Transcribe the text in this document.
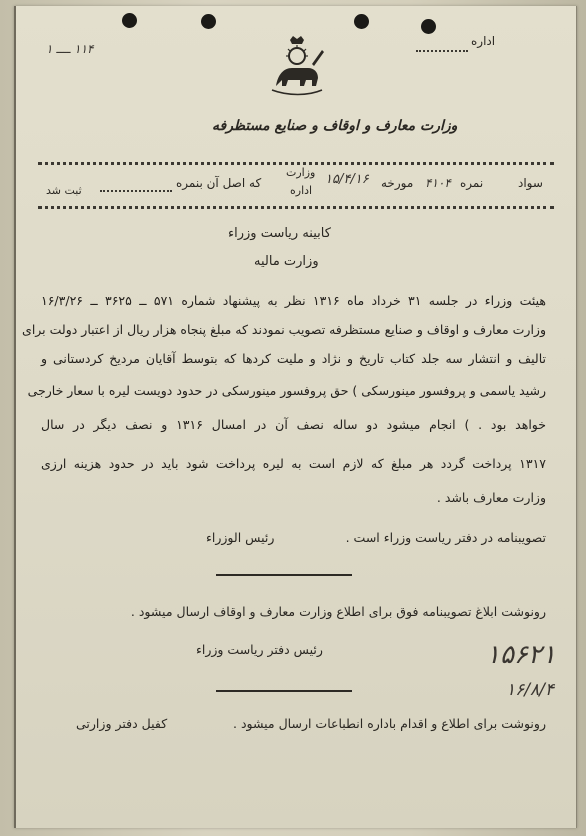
اداره
۱۱۴ ــــ ۱
وزارت معارف و اوقاف و صنایع مستظرفه
سواد
نمره
۴۱۰۴
مورخه
۱۵/۴/۱۶
وزارت
اداره
که اصل آن بنمره
ثبت شد
کابینه ریاست وزراء
وزارت مالیه
هیئت وزراء در جلسه ۳۱ خرداد ماه ۱۳۱۶ نظر به پیشنهاد شماره ۵۷۱ ــ ۳۶۲۵ ــ ۱۶/۳/۲۶
وزارت معارف و اوقاف و صنایع مستظرفه تصویب نمودند که مبلغ پنجاه هزار ریال از اعتبار دولت برای
تالیف و انتشار سه جلد کتاب تاریخ و نژاد و ملیت کردها که بتوسط آقایان مردیخ کردستانی و
رشید یاسمی و پروفسور مینورسکی ) حق پروفسور مینورسکی در حدود دویست لیره با سعار خارجی
خواهد بود . ) انجام میشود دو ساله نصف آن در امسال ۱۳۱۶ و نصف دیگر در سال
۱۳۱۷ پرداخت گردد هر مبلغ که لازم است به لیره پرداخت شود باید در حدود هزینه ارزی
وزارت معارف باشد .
تصویبنامه در دفتر ریاست وزراء است .
رئیس الوزراء
رونوشت ابلاغ تصویبنامه فوق برای اطلاع وزارت معارف و اوقاف ارسال میشود .
رئیس دفتر ریاست وزراء	۱۵۶۲۱
۱۶/۸/۴
رونوشت برای اطلاع و اقدام باداره انطباعات ارسال میشود .
کفیل دفتر وزارتی
